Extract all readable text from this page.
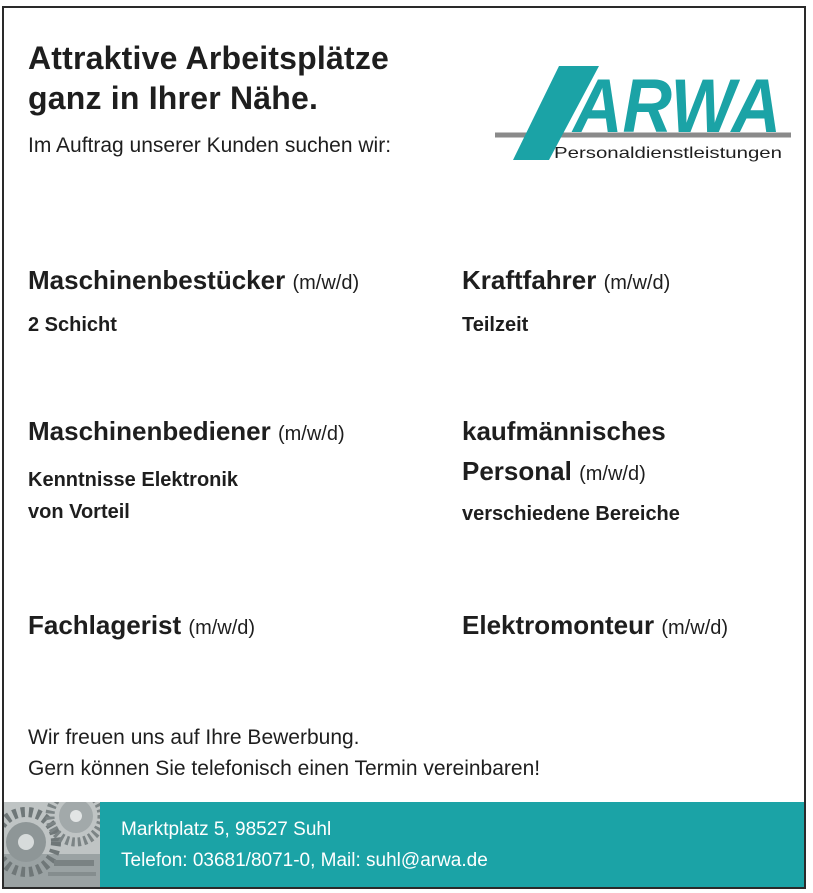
Attraktive Arbeitsplätze
ganz in Ihrer Nähe.
Im Auftrag unserer Kunden suchen wir: ARWA
Personaldienstleistungen
Maschinenbestücker (m/w/d)
2 Schicht
Kraftfahrer (m/w/d)
Teilzeit
Maschinenbediener (m/w/d)
Kenntnisse Elektronik
von Vorteil
kaufmännisches
Personal (m/w/d)
verschiedene Bereiche
Fachlagerist (m/w/d)	Elektromonteur (m/w/d)
Wir freuen uns auf Ihre Bewerbung.
Gern können Sie telefonisch einen Termin vereinbaren!
Marktplatz 5, 98527 Suhl
Telefon: 03681/8071-0, Mail: suhl@arwa.de
